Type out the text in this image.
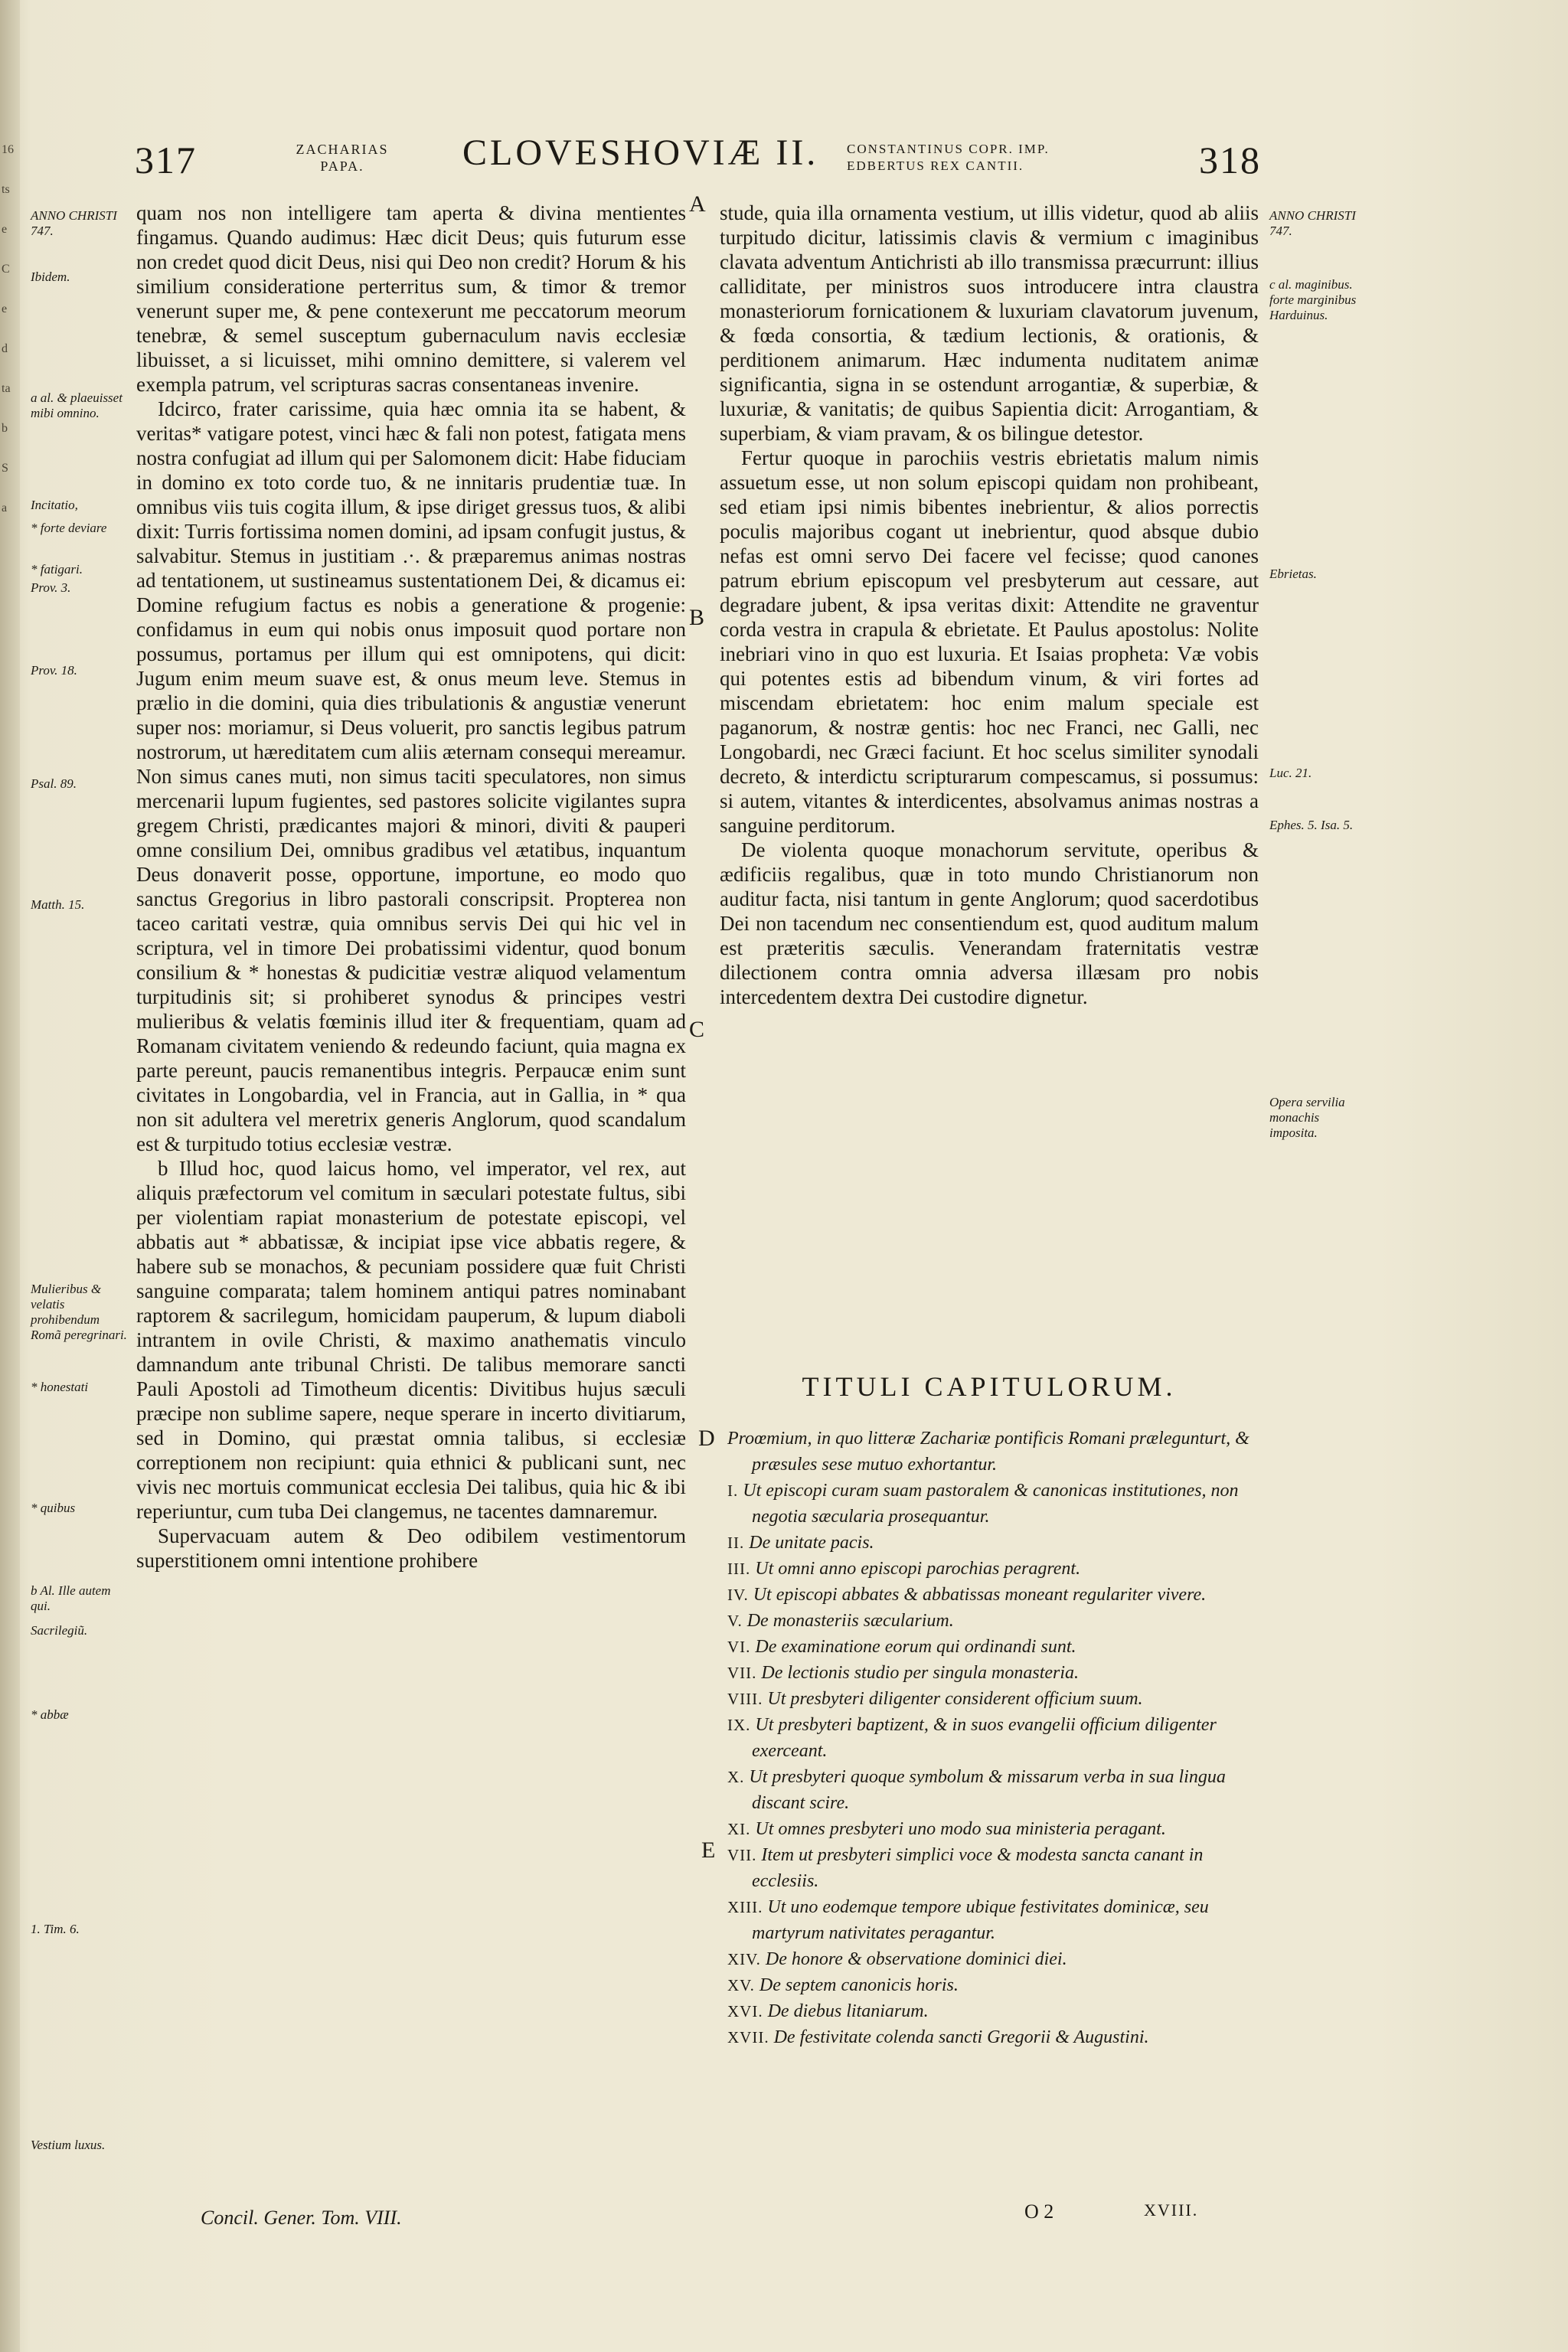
16
ts
e
C
e
d
ta
b
S
a
317	ZACHARIAS
PAPA.	CLOVESHOVIÆ II. CONSTANTINUS COPR. IMP.
EDBERTUS REX CANTII.	318
ANNO CHRISTI 747.
Ibidem.
a al. & plaeuisset mibi omnino.
Incitatio,
* forte deviare
* fatigari.
Prov. 3.
Prov. 18.
Psal. 89.
Matth. 15.
Mulieribus & velatis prohibendum Romã peregrinari.
* honestati
* quibus
b Al. Ille autem qui.
Sacrilegiũ.
* abbæ
1. Tim. 6.
Vestium luxus.

quam nos non intelligere tam aperta & divina mentientes fingamus. Quando audimus: Hæc dicit Deus; quis futurum esse non credet quod dicit Deus, nisi qui Deo non credit? Horum & his similium consideratione perterritus sum, & timor & tremor venerunt super me, & pene contexerunt me peccatorum meorum tenebræ, & semel susceptum gubernaculum navis ecclesiæ libuisset, a si licuisset, mihi omnino demittere, si valerem vel exempla patrum, vel scripturas sacras consentaneas invenire.

Idcirco, frater carissime, quia hæc omnia ita se habent, & veritas* vatigare potest, vinci hæc & fali non potest, fatigata mens nostra confugiat ad illum qui per Salomonem dicit: Habe fiduciam in domino ex toto corde tuo, & ne innitaris prudentiæ tuæ. In omnibus viis tuis cogita illum, & ipse diriget gressus tuos, & alibi dixit: Turris fortissima nomen domini, ad ipsam confugit justus, & salvabitur. Stemus in justitiam .·. & præparemus animas nostras ad tentationem, ut sustineamus sustentationem Dei, & dicamus ei: Domine refugium factus es nobis a generatione & progenie: confidamus in eum qui nobis onus imposuit quod portare non possumus, portamus per illum qui est omnipotens, qui dicit: Jugum enim meum suave est, & onus meum leve. Stemus in prælio in die domini, quia dies tribulationis & angustiæ venerunt super nos: moriamur, si Deus voluerit, pro sanctis legibus patrum nostrorum, ut hæreditatem cum aliis æternam consequi mereamur. Non simus canes muti, non simus taciti speculatores, non simus mercenarii lupum fugientes, sed pastores solicite vigilantes supra gregem Christi, prædicantes majori & minori, diviti & pauperi omne consilium Dei, omnibus gradibus vel ætatibus, inquantum Deus donaverit posse, opportune, importune, eo modo quo sanctus Gregorius in libro pastorali conscripsit. Propterea non taceo caritati vestræ, quia omnibus servis Dei qui hic vel in scriptura, vel in timore Dei probatissimi videntur, quod bonum consilium & * honestas & pudicitiæ vestræ aliquod velamentum turpitudinis sit; si prohiberet synodus & principes vestri mulieribus & velatis fœminis illud iter & frequentiam, quam ad Romanam civitatem veniendo & redeundo faciunt, quia magna ex parte pereunt, paucis remanentibus integris. Perpaucæ enim sunt civitates in Longobardia, vel in Francia, aut in Gallia, in * qua non sit adultera vel meretrix generis Anglorum, quod scandalum est & turpitudo totius ecclesiæ vestræ.

b Illud hoc, quod laicus homo, vel imperator, vel rex, aut aliquis præfectorum vel comitum in sæculari potestate fultus, sibi per violentiam rapiat monasterium de potestate episcopi, vel abbatis aut * abbatissæ, & incipiat ipse vice abbatis regere, & habere sub se monachos, & pecuniam possidere quæ fuit Christi sanguine comparata; talem hominem antiqui patres nominabant raptorem & sacrilegum, homicidam pauperum, & lupum diaboli intrantem in ovile Christi, & maximo anathematis vinculo damnandum ante tribunal Christi. De talibus memorare sancti Pauli Apostoli ad Timotheum dicentis: Divitibus hujus sæculi præcipe non sublime sapere, neque sperare in incerto divitiarum, sed in Domino, qui præstat omnia talibus, si ecclesiæ correptionem non recipiunt: quia ethnici & publicani sunt, nec vivis nec mortuis communicat ecclesia Dei talibus, quia hic & ibi reperiuntur, cum tuba Dei clangemus, ne tacentes damnaremur.

Supervacuam autem & Deo odibilem vestimentorum superstitionem omni intentione prohibere

A
B
C
D
E

stude, quia illa ornamenta vestium, ut illis videtur, quod ab aliis turpitudo dicitur, latissimis clavis & vermium c imaginibus clavata adventum Antichristi ab illo transmissa præcurrunt: illius calliditate, per ministros suos introducere intra claustra monasteriorum fornicationem & luxuriam clavatorum juvenum, & fœda consortia, & tædium lectionis, & orationis, & perditionem animarum. Hæc indumenta nuditatem animæ significantia, signa in se ostendunt arrogantiæ, & superbiæ, & luxuriæ, & vanitatis; de quibus Sapientia dicit: Arrogantiam, & superbiam, & viam pravam, & os bilingue detestor.

Fertur quoque in parochiis vestris ebrietatis malum nimis assuetum esse, ut non solum episcopi quidam non prohibeant, sed etiam ipsi nimis bibentes inebrientur, & alios porrectis poculis majoribus cogant ut inebrientur, quod absque dubio nefas est omni servo Dei facere vel fecisse; quod canones patrum ebrium episcopum vel presbyterum aut cessare, aut degradare jubent, & ipsa veritas dixit: Attendite ne graventur corda vestra in crapula & ebrietate. Et Paulus apostolus: Nolite inebriari vino in quo est luxuria. Et Isaias propheta: Væ vobis qui potentes estis ad bibendum vinum, & viri fortes ad miscendam ebrietatem: hoc enim malum speciale est paganorum, & nostræ gentis: hoc nec Franci, nec Galli, nec Longobardi, nec Græci faciunt. Et hoc scelus similiter synodali decreto, & interdictu scripturarum compescamus, si possumus: si autem, vitantes & interdicentes, absolvamus animas nostras a sanguine perditorum.

De violenta quoque monachorum servitute, operibus & ædificiis regalibus, quæ in toto mundo Christianorum non auditur facta, nisi tantum in gente Anglorum; quod sacerdotibus Dei non tacendum nec consentiendum est, quod auditum malum est præteritis sæculis. Venerandam fraternitatis vestræ dilectionem contra omnia adversa illæsam pro nobis intercedentem dextra Dei custodire dignetur.

ANNO CHRISTI 747.
c al. maginibus. forte marginibus Harduinus.
Ebrietas.
Luc. 21.
Ephes. 5. Isa. 5.
Opera servilia monachis imposita.
TITULI CAPITULORUM.
Proœmium, in quo litteræ Zachariæ pontificis Romani prælegunturt, & præsules sese mutuo exhortantur.
I. Ut episcopi curam suam pastoralem & canonicas institutiones, non negotia sæcularia prosequantur.
II. De unitate pacis.
III. Ut omni anno episcopi parochias peragrent.
IV. Ut episcopi abbates & abbatissas moneant regulariter vivere.
V. De monasteriis sæcularium.
VI. De examinatione eorum qui ordinandi sunt.
VII. De lectionis studio per singula monasteria.
VIII. Ut presbyteri diligenter considerent officium suum.
IX. Ut presbyteri baptizent, & in suos evangelii officium diligenter exerceant.
X. Ut presbyteri quoque symbolum & missarum verba in sua lingua discant scire.
XI. Ut omnes presbyteri uno modo sua ministeria peragant.
VII. Item ut presbyteri simplici voce & modesta sancta canant in ecclesiis.
XIII. Ut uno eodemque tempore ubique festivitates dominicæ, seu martyrum nativitates peragantur.
XIV. De honore & observatione dominici diei.
XV. De septem canonicis horis.
XVI. De diebus litaniarum.
XVII. De festivitate colenda sancti Gregorii & Augustini.
Concil. Gener. Tom. VIII.	O 2	XVIII.
